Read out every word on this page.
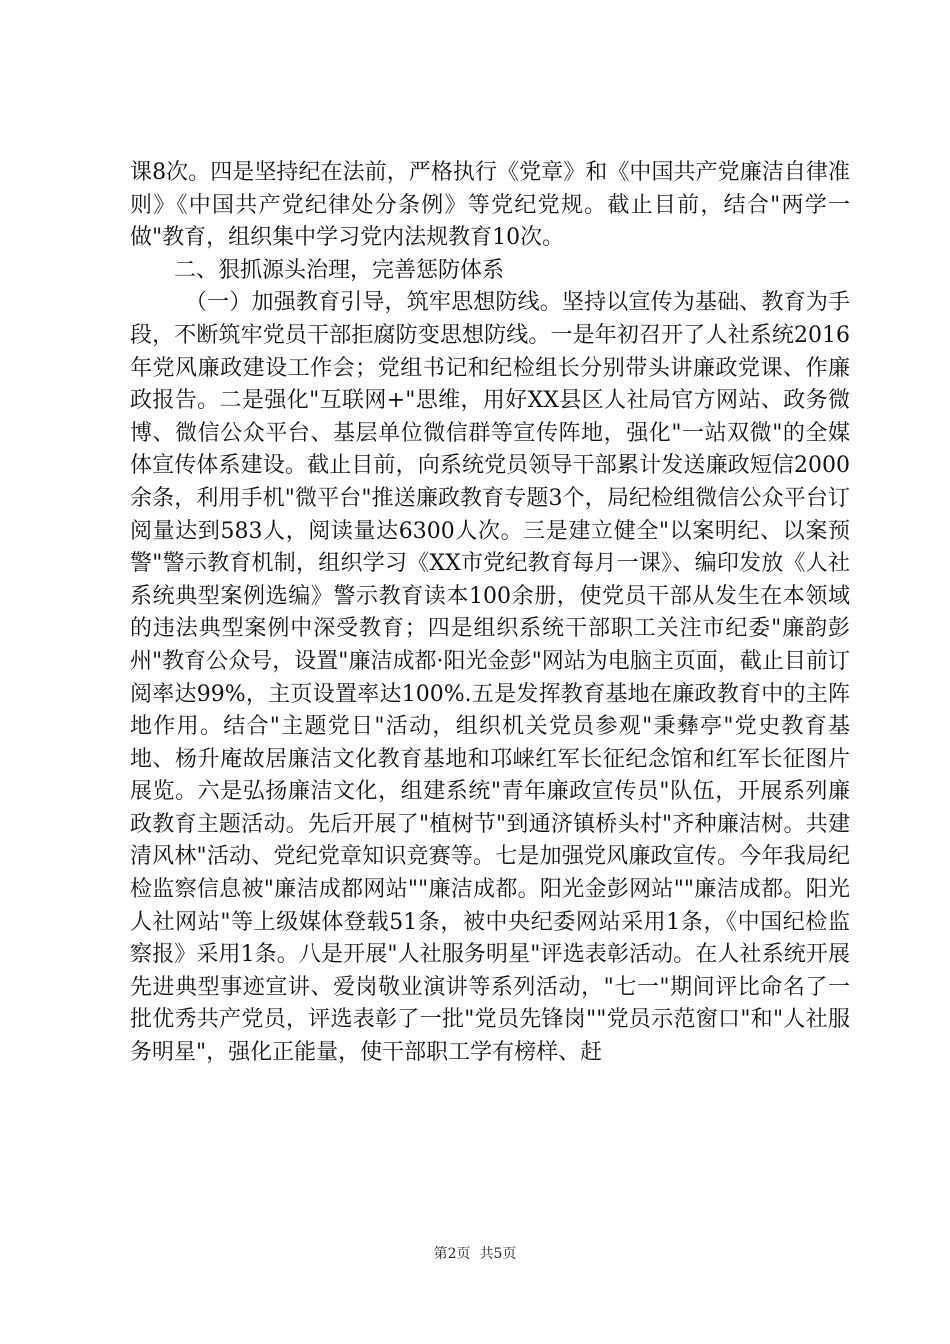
课8次。四是坚持纪在法前，严格执行《党章》和《中国共产党廉洁自律准则》《中国共产党纪律处分条例》等党纪党规。截止目前，结合"两学一做"教育，组织集中学习党内法规教育10次。

二、狠抓源头治理，完善惩防体系

（一）加强教育引导，筑牢思想防线。坚持以宣传为基础、教育为手段，不断筑牢党员干部拒腐防变思想防线。一是年初召开了人社系统2016年党风廉政建设工作会；党组书记和纪检组长分别带头讲廉政党课、作廉政报告。二是强化"互联网+"思维，用好XX县区人社局官方网站、政务微博、微信公众平台、基层单位微信群等宣传阵地，强化"一站双微"的全媒体宣传体系建设。截止目前，向系统党员领导干部累计发送廉政短信2000余条，利用手机"微平台"推送廉政教育专题3个，局纪检组微信公众平台订阅量达到583人，阅读量达6300人次。三是建立健全"以案明纪、以案预警"警示教育机制，组织学习《XX市党纪教育每月一课》、编印发放《人社系统典型案例选编》警示教育读本100余册，使党员干部从发生在本领域的违法典型案例中深受教育；四是组织系统干部职工关注市纪委"廉韵彭州"教育公众号，设置"廉洁成都·阳光金彭"网站为电脑主页面，截止目前订阅率达99%，主页设置率达100%.五是发挥教育基地在廉政教育中的主阵地作用。结合"主题党日"活动，组织机关党员参观"秉彝亭"党史教育基地、杨升庵故居廉洁文化教育基地和邛崃红军长征纪念馆和红军长征图片展览。六是弘扬廉洁文化，组建系统"青年廉政宣传员"队伍，开展系列廉政教育主题活动。先后开展了"植树节"到通济镇桥头村"齐种廉洁树。共建清风林"活动、党纪党章知识竞赛等。七是加强党风廉政宣传。今年我局纪检监察信息被"廉洁成都网站""廉洁成都。阳光金彭网站""廉洁成都。阳光人社网站"等上级媒体登载51条，被中央纪委网站采用1条，《中国纪检监察报》采用1条。八是开展"人社服务明星"评选表彰活动。在人社系统开展先进典型事迹宣讲、爱岗敬业演讲等系列活动，"七一"期间评比命名了一批优秀共产党员，评选表彰了一批"党员先锋岗""党员示范窗口"和"人社服务明星"，强化正能量，使干部职工学有榜样、赶

第2页  共5页
